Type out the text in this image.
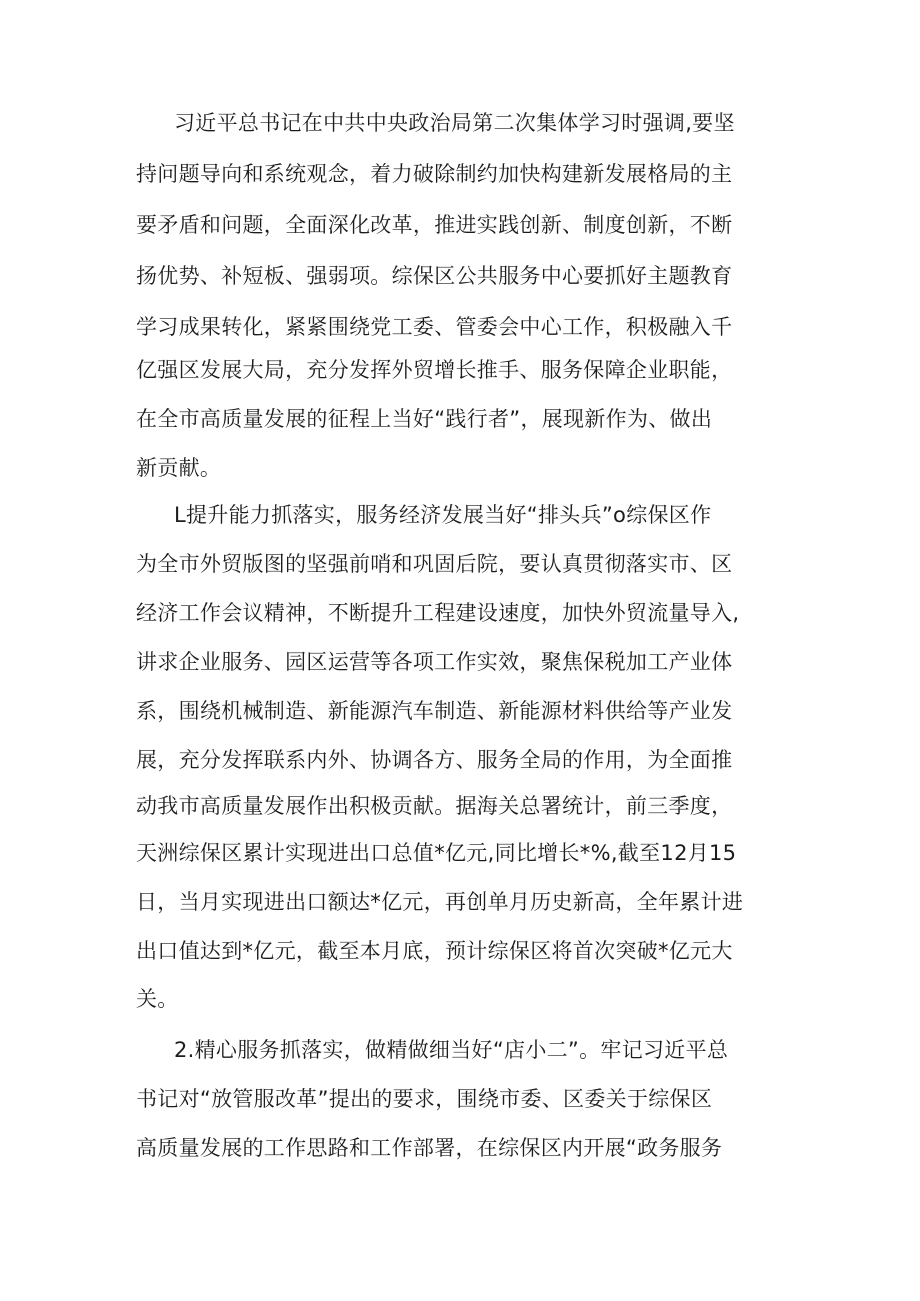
习近平总书记在中共中央政治局第二次集体学习时强调,要坚
持问题导向和系统观念，着力破除制约加快构建新发展格局的主
要矛盾和问题，全面深化改革，推进实践创新、制度创新，不断
扬优势、补短板、强弱项。综保区公共服务中心要抓好主题教育
学习成果转化，紧紧围绕党工委、管委会中心工作，积极融入千
亿强区发展大局，充分发挥外贸增长推手、服务保障企业职能，
在全市高质量发展的征程上当好“践行者”，展现新作为、做出
新贡献。
L提升能力抓落实，服务经济发展当好“排头兵”o综保区作
为全市外贸版图的坚强前哨和巩固后院，要认真贯彻落实市、区
经济工作会议精神，不断提升工程建设速度，加快外贸流量导入,
讲求企业服务、园区运营等各项工作实效，聚焦保税加工产业体
系，围绕机械制造、新能源汽车制造、新能源材料供给等产业发
展，充分发挥联系内外、协调各方、服务全局的作用，为全面推
动我市高质量发展作出积极贡献。据海关总署统计，前三季度，
天洲综保区累计实现进出口总值*亿元,同比增长*%,截至12月15
日，当月实现进出口额达*亿元，再创单月历史新高，全年累计进
出口值达到*亿元，截至本月底，预计综保区将首次突破*亿元大
关。
2.精心服务抓落实，做精做细当好“店小二”。牢记习近平总
书记对“放管服改革”提出的要求，围绕市委、区委关于综保区
高质量发展的工作思路和工作部署，在综保区内开展“政务服务
